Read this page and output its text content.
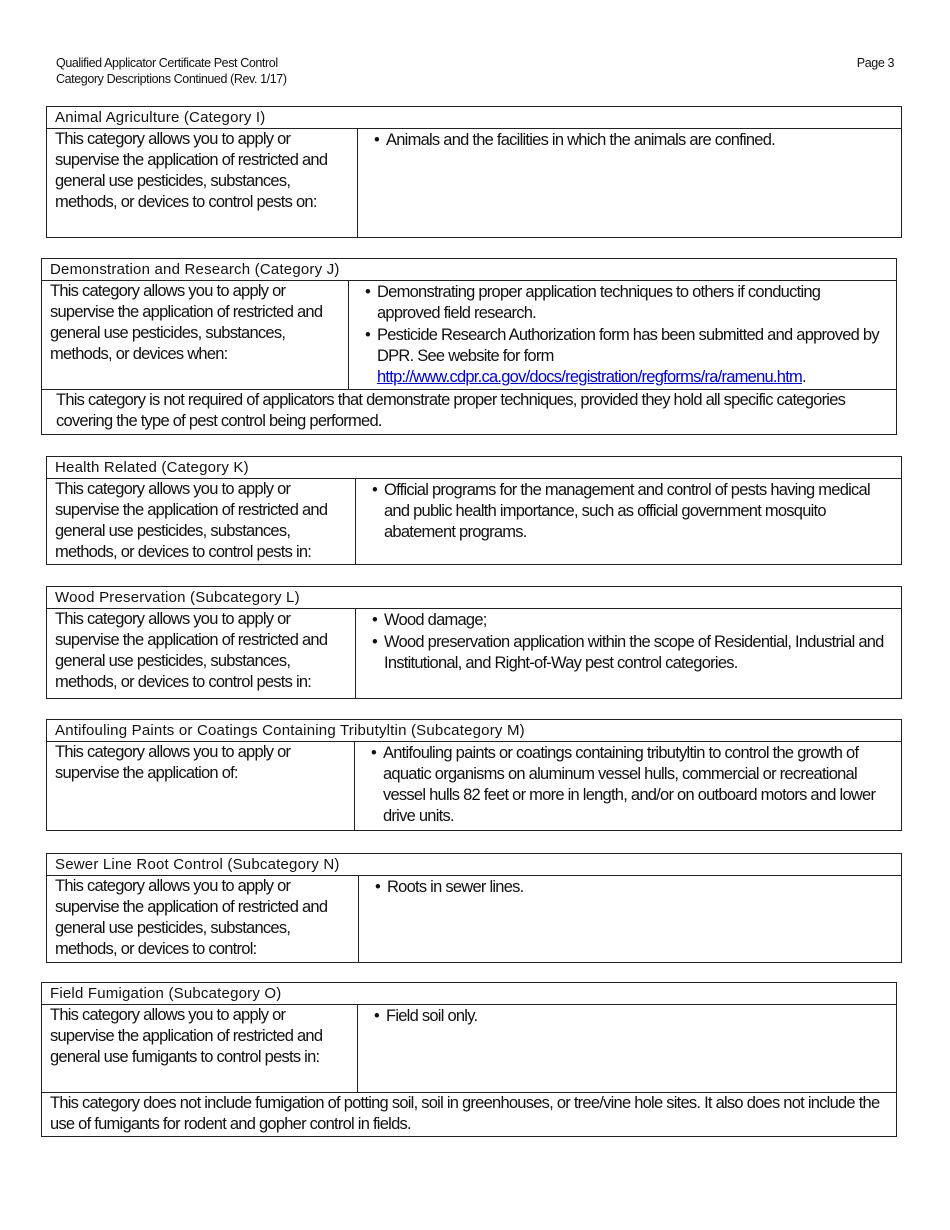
Qualified Applicator Certificate Pest Control
Category Descriptions Continued (Rev. 1/17)
Page 3
Animal Agriculture (Category I)
This category allows you to apply or supervise the application of restricted and general use pesticides, substances, methods, or devices to control pests on:
• Animals and the facilities in which the animals are confined.
Demonstration and Research (Category J)
This category allows you to apply or supervise the application of restricted and general use pesticides, substances, methods, or devices when:
• Demonstrating proper application techniques to others if conducting approved field research.
• Pesticide Research Authorization form has been submitted and approved by DPR. See website for form http://www.cdpr.ca.gov/docs/registration/regforms/ra/ramenu.htm.
This category is not required of applicators that demonstrate proper techniques, provided they hold all specific categories covering the type of pest control being performed.
Health Related (Category K)
This category allows you to apply or supervise the application of restricted and general use pesticides, substances, methods, or devices to control pests in:
• Official programs for the management and control of pests having medical and public health importance, such as official government mosquito abatement programs.
Wood Preservation (Subcategory L)
This category allows you to apply or supervise the application of restricted and general use pesticides, substances, methods, or devices to control pests in:
• Wood damage;
• Wood preservation application within the scope of Residential, Industrial and Institutional, and Right-of-Way pest control categories.
Antifouling Paints or Coatings Containing Tributyltin (Subcategory M)
This category allows you to apply or supervise the application of:
• Antifouling paints or coatings containing tributyltin to control the growth of aquatic organisms on aluminum vessel hulls, commercial or recreational vessel hulls 82 feet or more in length, and/or on outboard motors and lower drive units.
Sewer Line Root Control (Subcategory N)
This category allows you to apply or supervise the application of restricted and general use pesticides, substances, methods, or devices to control:
• Roots in sewer lines.
Field Fumigation (Subcategory O)
This category allows you to apply or supervise the application of restricted and general use fumigants to control pests in:
• Field soil only.
This category does not include fumigation of potting soil, soil in greenhouses, or tree/vine hole sites. It also does not include the use of fumigants for rodent and gopher control in fields.
